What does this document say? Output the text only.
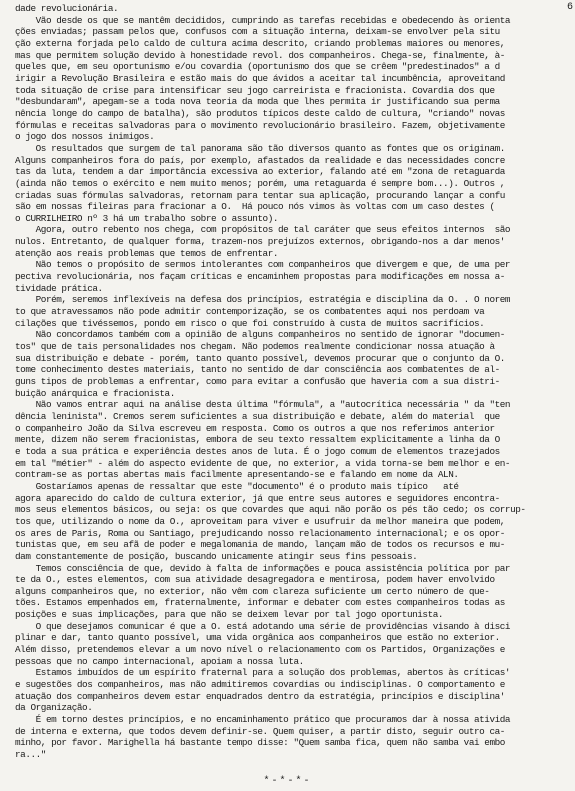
6
dade revolucionária.
Vão desde os que se mantêm decididos, cumprindo as tarefas recebidas e obedecendo às orienta
ções enviadas; passam pelos que, confusos com a situação interna, deixam-se envolver pela situ
ção externa forjada pelo caldo de cultura acima descrito, criando problemas maiores ou menores,
mas que permitem solução devido à honestidade revol. dos companheiros. Chega-se, finalmente, à-
queles que, em seu oportunismo e/ou covardia (oportunismo dos que se crêem "predestinados" a d
irigir a Revolução Brasileira e estão mais do que ávidos a aceitar tal incumbência, aproveitand
toda situação de crise para intensificar seu jogo carreirista e fracionista. Covardia dos que
"desbundaram", apegam-se a toda nova teoria da moda que lhes permita ir justificando sua perma
nência longe do campo de batalha), são produtos típicos deste caldo de cultura, "criando" novas
fórmulas e receitas salvadoras para o movimento revolucionário brasileiro. Fazem, objetivamente
o jogo dos nossos inimigos.
Os resultados que surgem de tal panorama são tão diversos quanto as fontes que os originam.
Alguns companheiros fora do país, por exemplo, afastados da realidade e das necessidades concre
tas da luta, tendem a dar importância excessiva ao exterior, falando até em "zona de retaguarda
(ainda não temos o exército e nem muito menos; porém, uma retaguarda é sempre bom...). Outros ,
criadas suas fórmulas salvadoras, retornam para tentar sua aplicação, procurando lançar a confu
são em nossas fileiras para fracionar a O.  Há pouco nós vimos às voltas com um caso destes (
o CURRILHEIRO nº 3 há um trabalho sobre o assunto).
Agora, outro rebento nos chega, com propósitos de tal caráter que seus efeitos internos  são
nulos. Entretanto, de qualquer forma, trazem-nos prejuízos externos, obrigando-nos a dar menos'
atenção aos reais problemas que temos de enfrentar.
Não temos o propósito de sermos intolerantes com companheiros que divergem e que, de uma per
pectiva revolucionária, nos façam críticas e encaminhem propostas para modificações em nossa a-
tividade prática.
Porém, seremos inflexíveis na defesa dos princípios, estratégia e disciplina da O. . O norem
to que atravessamos não pode admitir contemporização, se os combatentes aqui nos perdoam va
cilações que tivéssemos, pondo em risco o que foi construído à custa de muitos sacrifícios.
Não concordamos também com a opinião de alguns companheiros no sentido de ignorar "documen-
tos" que de tais personalidades nos chegam. Não podemos realmente condicionar nossa atuação à
sua distribuição e debate - porém, tanto quanto possível, devemos procurar que o conjunto da O.
tome conhecimento destes materiais, tanto no sentido de dar consciência aos combatentes de al-
guns tipos de problemas a enfrentar, como para evitar a confusão que haveria com a sua distri-
buição anárquica e fracionista.
Não vamos entrar aqui na análise desta última "fórmula", a "autocrítica necessária " da "ten
dência leninista". Cremos serem suficientes a sua distribuição e debate, além do material  que
o companheiro João da Silva escreveu em resposta. Como os outros a que nos referimos anterior
mente, dizem não serem fracionistas, embora de seu texto ressaltem explicitamente a linha da O
e toda a sua prática e experiência destes anos de luta. É o jogo comum de elementos trazejados
em tal "métier" - além do aspecto evidente de que, no exterior, a vida torna-se bem melhor e en-
contram-se as portas abertas mais facilmente apresentando-se e falando em nome da ALN.
Gostaríamos apenas de ressaltar que este "documento" é o produto mais típico   até
agora aparecido do caldo de cultura exterior, já que entre seus autores e seguidores encontra-
mos seus elementos básicos, ou seja: os que covardes que aqui não porão os pés tão cedo; os corrup-
tos que, utilizando o nome da O., aproveitam para viver e usufruir da melhor maneira que podem,
os ares de Paris, Roma ou Santiago, prejudicando nosso relacionamento internacional; e os opor-
tunistas que, em seu afã de poder e megalomania de mando, lançam mão de todos os recursos e mu-
dam constantemente de posição, buscando unicamente atingir seus fins pessoais.
Temos consciência de que, devido à falta de informações e pouca assistência política por par
te da O., estes elementos, com sua atividade desagregadora e mentirosa, podem haver envolvido
alguns companheiros que, no exterior, não vêm com clareza suficiente um certo número de que-
tões. Estamos empenhados em, fraternalmente, informar e debater com estes companheiros todas as
posições e suas implicações, para que não se deixem levar por tal jogo oportunista.
O que desejamos comunicar é que a O. está adotando uma série de providências visando à disci
plinar e dar, tanto quanto possível, uma vida orgânica aos companheiros que estão no exterior.
Além disso, pretendemos elevar a um novo nível o relacionamento com os Partidos, Organizações e
pessoas que no campo internacional, apoiam a nossa luta.
Estamos imbuídos de um espírito fraternal para a solução dos problemas, abertos às críticas'
e sugestões dos companheiros, mas não admitiremos covardias ou indisciplinas. O comportamento e
atuação dos companheiros devem estar enquadrados dentro da estratégia, princípios e disciplina'
da Organização.
É em torno destes princípios, e no encaminhamento prático que procuramos dar à nossa ativida
de interna e externa, que todos devem definir-se. Quem quiser, a partir disto, seguir outro ca-
minho, por favor. Marighella há bastante tempo disse: "Quem samba fica, quem não samba vai embo
ra..."
*-*-*-
